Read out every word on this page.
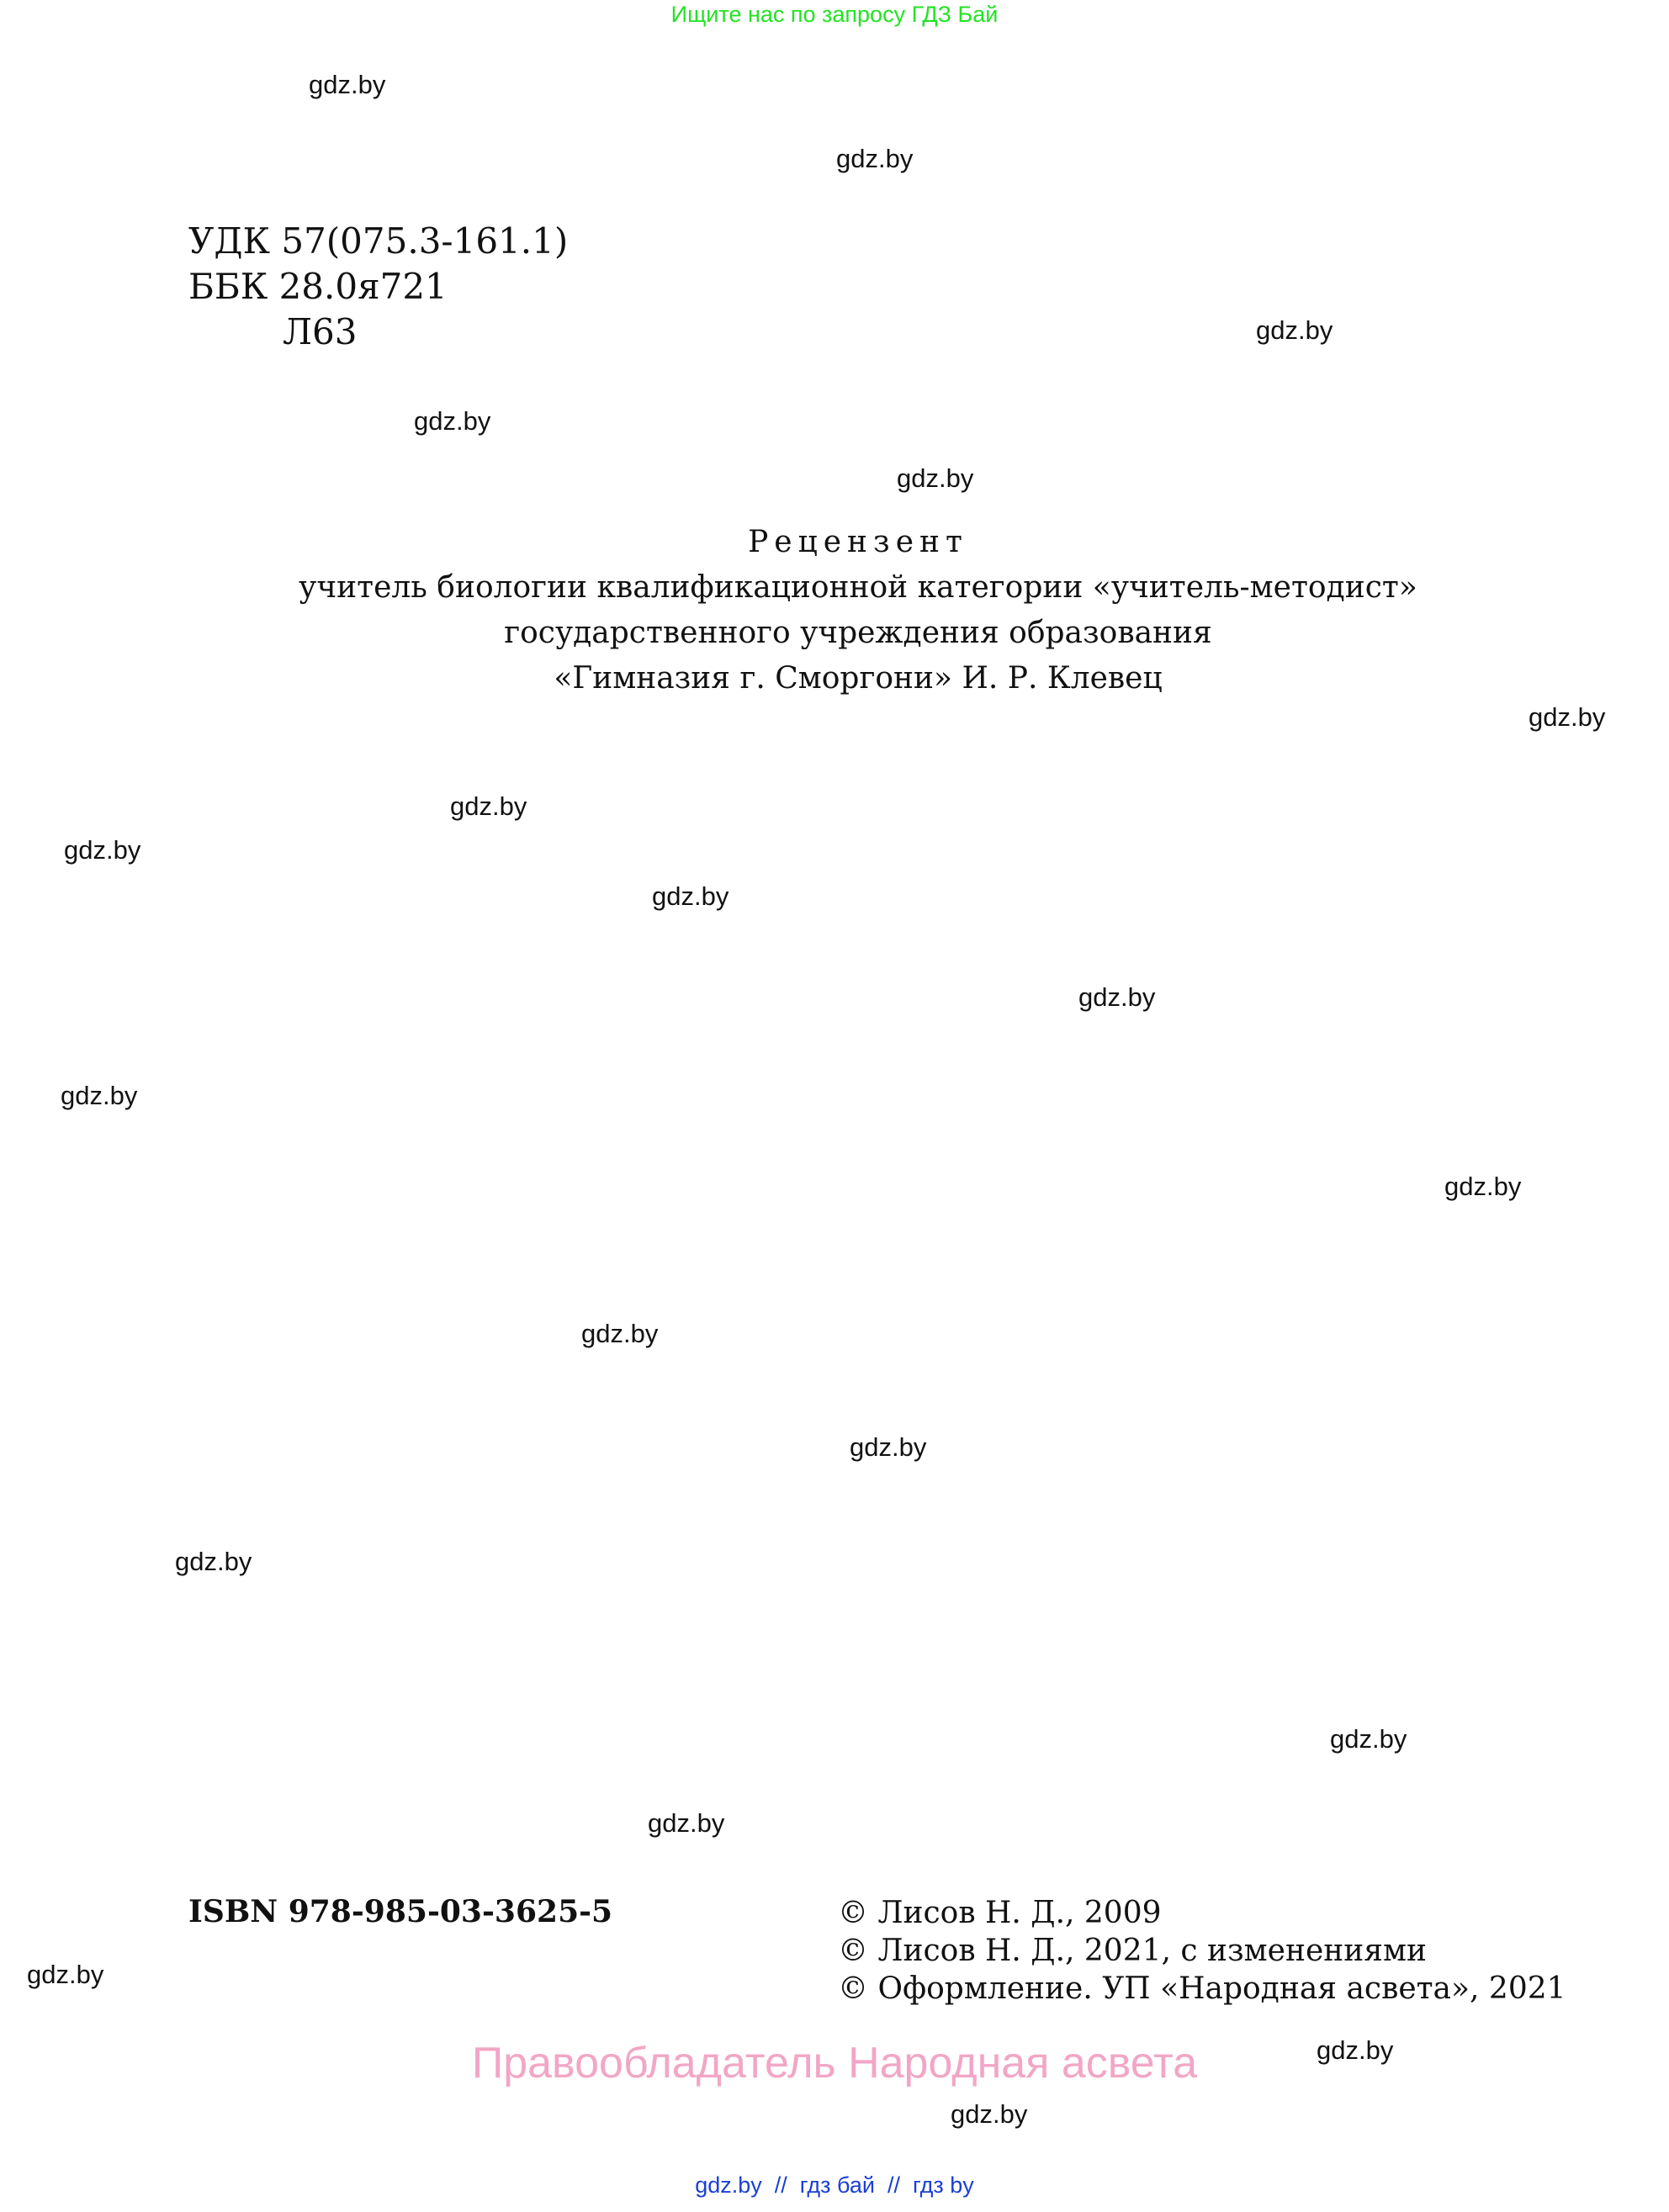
Ищите нас по запросу ГДЗ Бай
gdz.by
gdz.by
gdz.by
gdz.by
gdz.by
gdz.by
gdz.by
gdz.by
gdz.by
gdz.by
gdz.by
gdz.by
gdz.by
gdz.by
gdz.by
gdz.by
gdz.by
gdz.by
gdz.by
gdz.by
УДК 57(075.3-161.1)
ББК 28.0я721
Л63
Рецензент
учитель биологии квалификационной категории «учитель-методист»
государственного учреждения образования
«Гимназия г. Сморгони» И. Р. Клевец
ISBN 978-985-03-3625-5	© Лисов Н. Д., 2009
© Лисов Н. Д., 2021, с изменениями
© Оформление. УП «Народная асвета», 2021
Правообладатель Народная асвета
gdz.by  //  гдз бай  //  гдз by
